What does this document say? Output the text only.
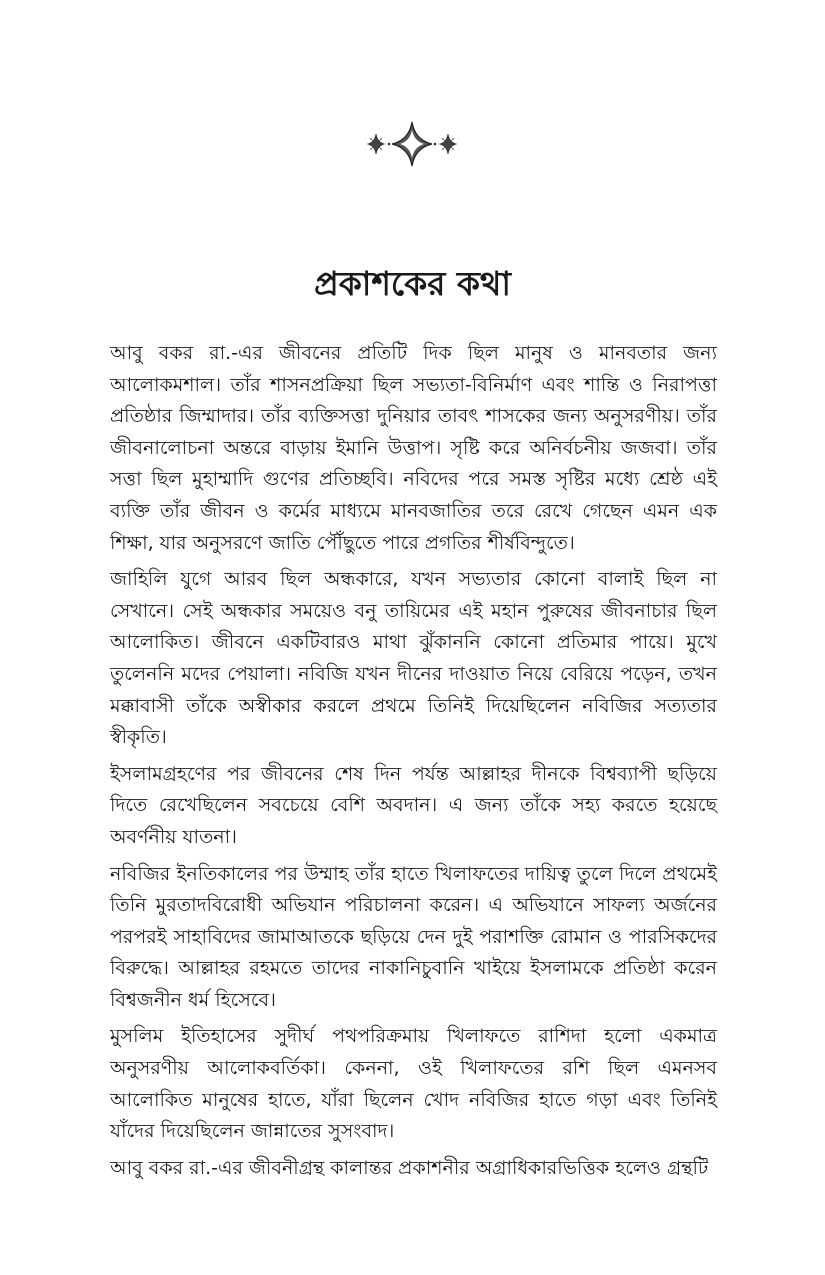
প্রকাশকের কথা

আবু বকর রা.-এর জীবনের প্রতিটি দিক ছিল মানুষ ও মানবতার জন্য আলোকমশাল। তাঁর শাসনপ্রক্রিয়া ছিল সভ্যতা-বিনির্মাণ এবং শান্তি ও নিরাপত্তা প্রতিষ্ঠার জিম্মাদার। তাঁর ব্যক্তিসত্তা দুনিয়ার তাবৎ শাসকের জন্য অনুসরণীয়। তাঁর জীবনালোচনা অন্তরে বাড়ায় ইমানি উত্তাপ। সৃষ্টি করে অনির্বচনীয় জজবা। তাঁর সত্তা ছিল মুহাম্মাদি গুণের প্রতিচ্ছবি। নবিদের পরে সমস্ত সৃষ্টির মধ্যে শ্রেষ্ঠ এই ব্যক্তি তাঁর জীবন ও কর্মের মাধ্যমে মানবজাতির তরে রেখে গেছেন এমন এক শিক্ষা, যার অনুসরণে জাতি পৌঁছুতে পারে প্রগতির শীর্ষবিন্দুতে।

জাহিলি যুগে আরব ছিল অন্ধকারে, যখন সভ্যতার কোনো বালাই ছিল না সেখানে। সেই অন্ধকার সময়েও বনু তায়িমের এই মহান পুরুষের জীবনাচার ছিল আলোকিত। জীবনে একটিবারও মাথা ঝুঁকাননি কোনো প্রতিমার পায়ে। মুখে তুলেননি মদের পেয়ালা। নবিজি যখন দীনের দাওয়াত নিয়ে বেরিয়ে পড়েন, তখন মক্কাবাসী তাঁকে অস্বীকার করলে প্রথমে তিনিই দিয়েছিলেন নবিজির সত্যতার স্বীকৃতি।

ইসলামগ্রহণের পর জীবনের শেষ দিন পর্যন্ত আল্লাহর দীনকে বিশ্বব্যাপী ছড়িয়ে দিতে রেখেছিলেন সবচেয়ে বেশি অবদান। এ জন্য তাঁকে সহ্য করতে হয়েছে অবর্ণনীয় যাতনা।

নবিজির ইনতিকালের পর উম্মাহ তাঁর হাতে খিলাফতের দায়িত্ব তুলে দিলে প্রথমেই তিনি মুরতাদবিরোধী অভিযান পরিচালনা করেন। এ অভিযানে সাফল্য অর্জনের পরপরই সাহাবিদের জামাআতকে ছড়িয়ে দেন দুই পরাশক্তি রোমান ও পারসিকদের বিরুদ্ধে। আল্লাহর রহমতে তাদের নাকানিচুবানি খাইয়ে ইসলামকে প্রতিষ্ঠা করেন বিশ্বজনীন ধর্ম হিসেবে।

মুসলিম ইতিহাসের সুদীর্ঘ পথপরিক্রমায় খিলাফতে রাশিদা হলো একমাত্র অনুসরণীয় আলোকবর্তিকা। কেননা, ওই খিলাফতের রশি ছিল এমনসব আলোকিত মানুষের হাতে, যাঁরা ছিলেন খোদ নবিজির হাতে গড়া এবং তিনিই যাঁদের দিয়েছিলেন জান্নাতের সুসংবাদ।

আবু বকর রা.-এর জীবনীগ্রন্থ কালান্তর প্রকাশনীর অগ্রাধিকারভিত্তিক হলেও গ্রন্থটি
